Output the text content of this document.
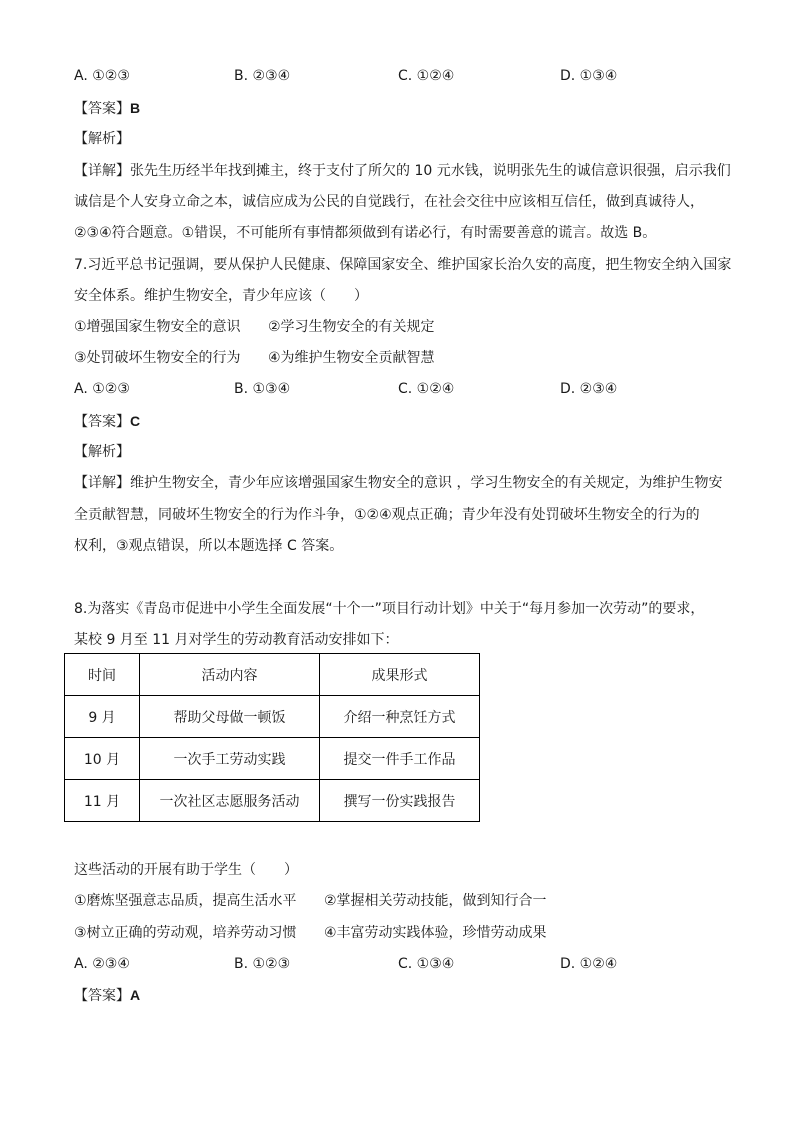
A. ①②③	B. ②③④	C. ①②④	D. ①③④
【答案】B
【解析】
【详解】张先生历经半年找到摊主，终于支付了所欠的 10 元水钱，说明张先生的诚信意识很强，启示我们
诚信是个人安身立命之本，诚信应成为公民的自觉践行，在社会交往中应该相互信任，做到真诚待人，
②③④符合题意。①错误，不可能所有事情都须做到有诺必行，有时需要善意的谎言。故选 B。
7.习近平总书记强调，要从保护人民健康、保障国家安全、维护国家长治久安的高度，把生物安全纳入国家
安全体系。维护生物安全，青少年应该（　　）
①增强国家生物安全的意识 ②学习生物安全的有关规定
③处罚破坏生物安全的行为 ④为维护生物安全贡献智慧
A. ①②③	B. ①③④	C. ①②④	D. ②③④
【答案】C
【解析】
【详解】维护生物安全，青少年应该增强国家生物安全的意识 ，学习生物安全的有关规定，为维护生物安
全贡献智慧，同破坏生物安全的行为作斗争，①②④观点正确；青少年没有处罚破坏生物安全的行为的
权利，③观点错误，所以本题选择 C 答案。
8.为落实《青岛市促进中小学生全面发展“十个一”项目行动计划》中关于“每月参加一次劳动”的要求，
某校 9 月至 11 月对学生的劳动教育活动安排如下：
时间	活动内容	成果形式
9 月	帮助父母做一顿饭	介绍一种烹饪方式
10 月	一次手工劳动实践	提交一件手工作品
11 月	一次社区志愿服务活动	撰写一份实践报告
这些活动的开展有助于学生（　　）
①磨炼坚强意志品质，提高生活水平 ②掌握相关劳动技能，做到知行合一
③树立正确的劳动观，培养劳动习惯 ④丰富劳动实践体验，珍惜劳动成果
A. ②③④	B. ①②③	C. ①③④	D. ①②④
【答案】A
